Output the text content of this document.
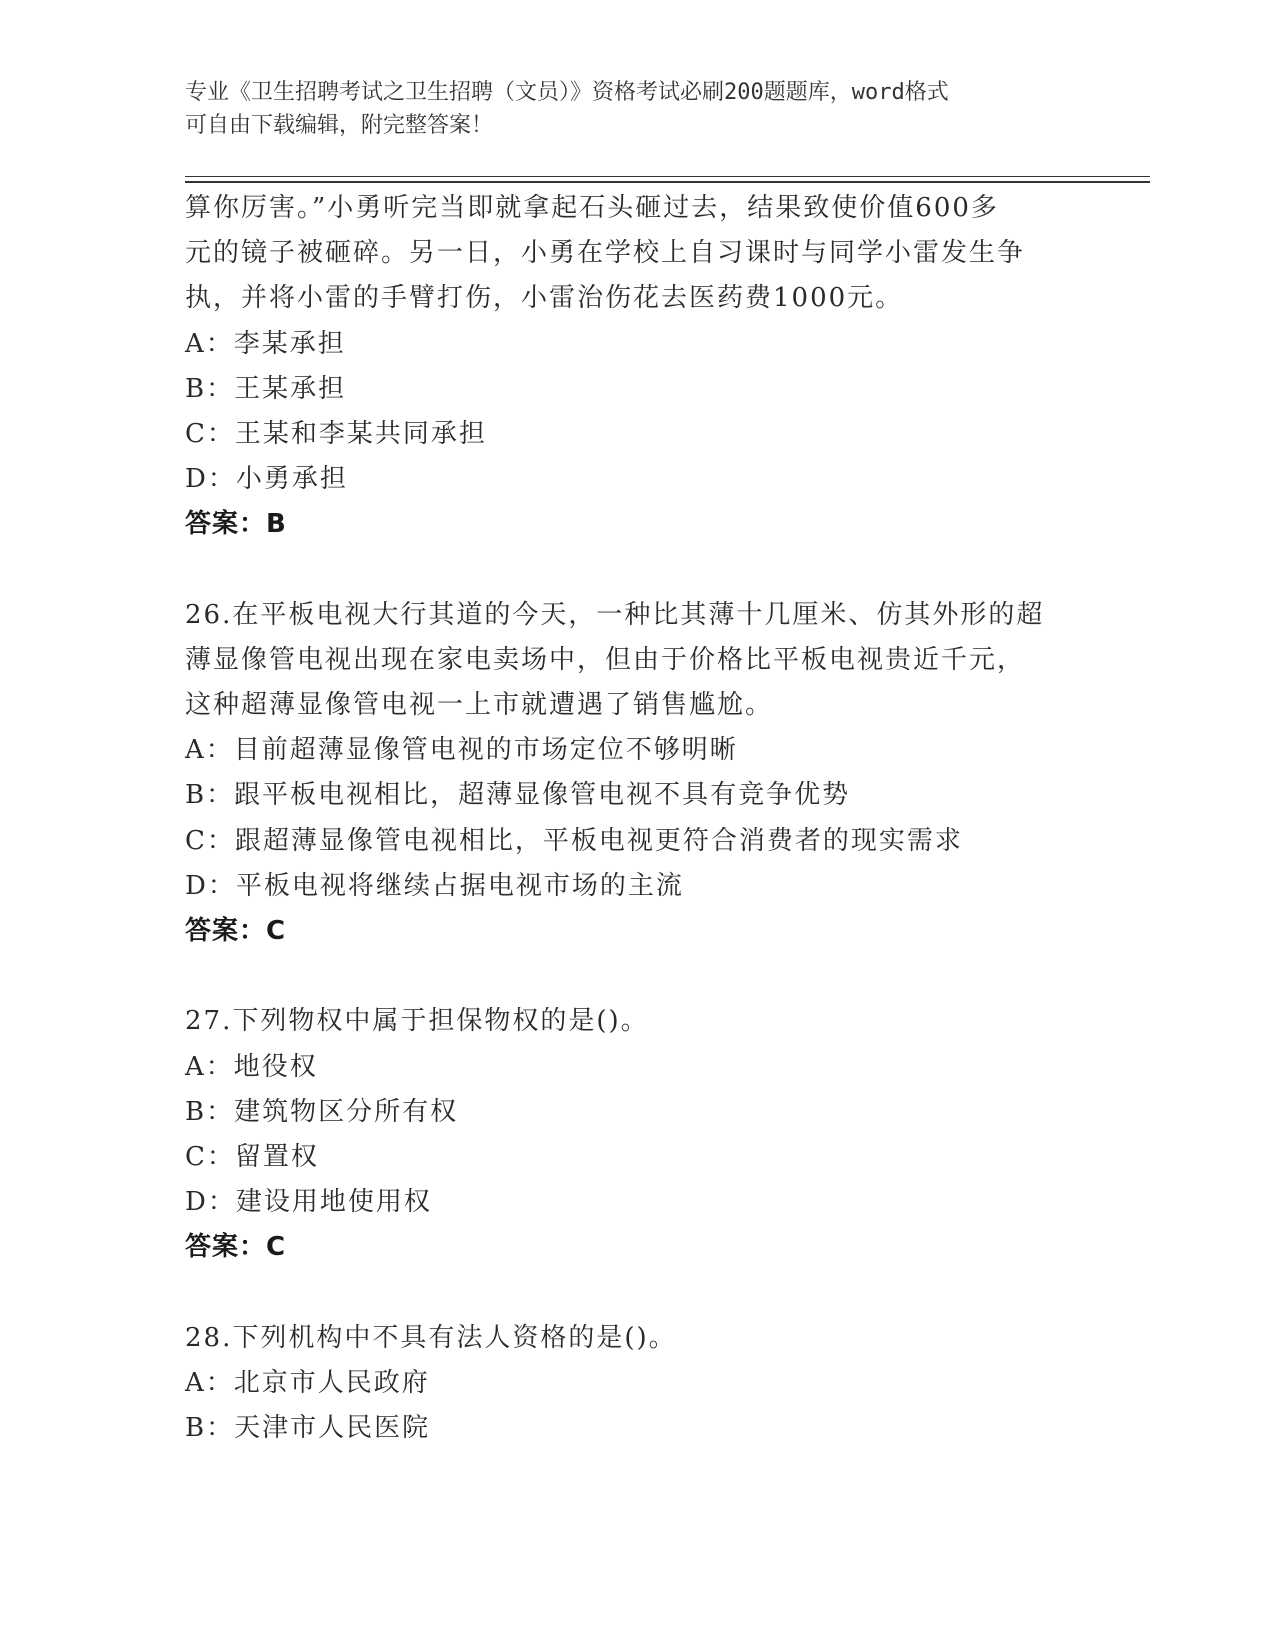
专业《卫生招聘考试之卫生招聘（文员）》资格考试必刷200题题库，word格式
可自由下载编辑，附完整答案！
算你厉害。”小勇听完当即就拿起石头砸过去，结果致使价值600多
元的镜子被砸碎。另一日，小勇在学校上自习课时与同学小雷发生争
执，并将小雷的手臂打伤，小雷治伤花去医药费1000元。
A：李某承担
B：王某承担
C：王某和李某共同承担
D：小勇承担
答案：B
26.在平板电视大行其道的今天，一种比其薄十几厘米、仿其外形的超
薄显像管电视出现在家电卖场中，但由于价格比平板电视贵近千元，
这种超薄显像管电视一上市就遭遇了销售尴尬。
A：目前超薄显像管电视的市场定位不够明晰
B：跟平板电视相比，超薄显像管电视不具有竞争优势
C：跟超薄显像管电视相比，平板电视更符合消费者的现实需求
D：平板电视将继续占据电视市场的主流
答案：C
27.下列物权中属于担保物权的是()。
A：地役权
B：建筑物区分所有权
C：留置权
D：建设用地使用权
答案：C
28.下列机构中不具有法人资格的是()。
A：北京市人民政府
B：天津市人民医院
